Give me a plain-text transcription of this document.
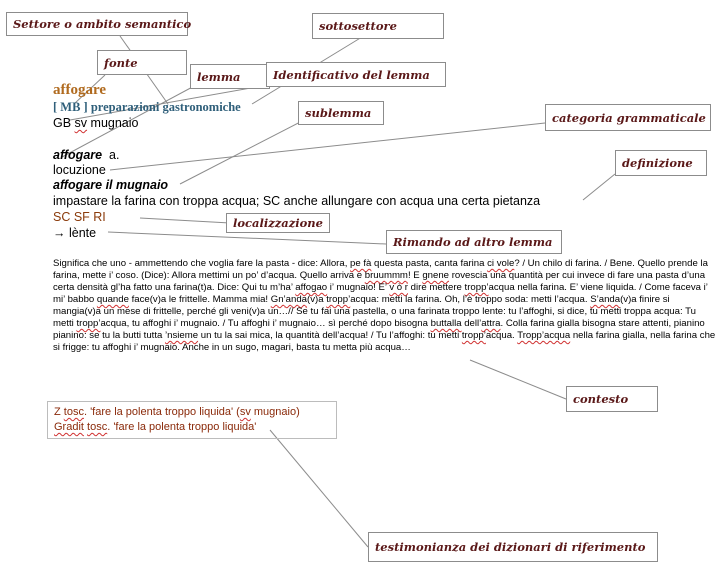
affogare
[ MB ] preparazioni gastronomiche
GB sv mugnaio
affogare a.
locuzione
affogare il mugnaio
impastare la farina con troppa acqua; SC anche allungare con acqua una certa pietanza
SC SF RI
→ lènte
Significa che uno - ammettendo che voglia fare la pasta - dice: Allora, pe fà questa pasta, canta farina ci vole? / Un chilo di farina. / Bene. Quello prende la farina, mette i’ coso. (Dice): Allora mettimi un po’ d’acqua. Quello arriva e bruummm! E gnene rovescia una quantità per cui invece di fare una pasta d’una certa densità gl’ha fatto una farina(t)a. Dice: Qui tu m’ha’ affogao i’ mugnaio! E’ v ò r dire mettere tropp’acqua nella farina. E’ viene liquida. / Come faceva i’ mi’ babbo quande face(v)a le frittelle. Mamma mia! Gn’anda(v)a tropp’acqua: metti la farina. Oh, l’è troppo soda: metti l’acqua. S’anda(v)a finire si mangia(v)a un mese di frittelle, perché gli veni(v)a un…// Se tu fai una pastella, o una farinata troppo lente: tu l’affoghi, si dice, tu metti troppa acqua: Tu metti tropp’acqua, tu affoghi i’ mugnaio. / Tu affoghi i’ mugnaio… sì perché dopo bisogna buttalla dell’attra. Colla farina gialla bisogna stare attenti, pianino pianino: se tu la butti tutta ’nsieme un tu la sai mica, la quantità dell’acqua! / Tu l’affoghi: tu metti tropp’acqua. Tropp’acqua nella farina gialla, nella farina che si frigge: tu affoghi i’ mugnaio. Anche in un sugo, magari, basta tu metta più acqua…
Z tosc. 'fare la polenta troppo liquida' (sv mugnaio)
Gradit tosc. 'fare la polenta troppo liquida'
Settore o ambito semantico	sottosettore
fonte
lemma	Identificativo del lemma
sublemma	categoria grammaticale
definizione
localizzazione
Rimando ad altro lemma
contesto
testimonianza dei dizionari di riferimento
